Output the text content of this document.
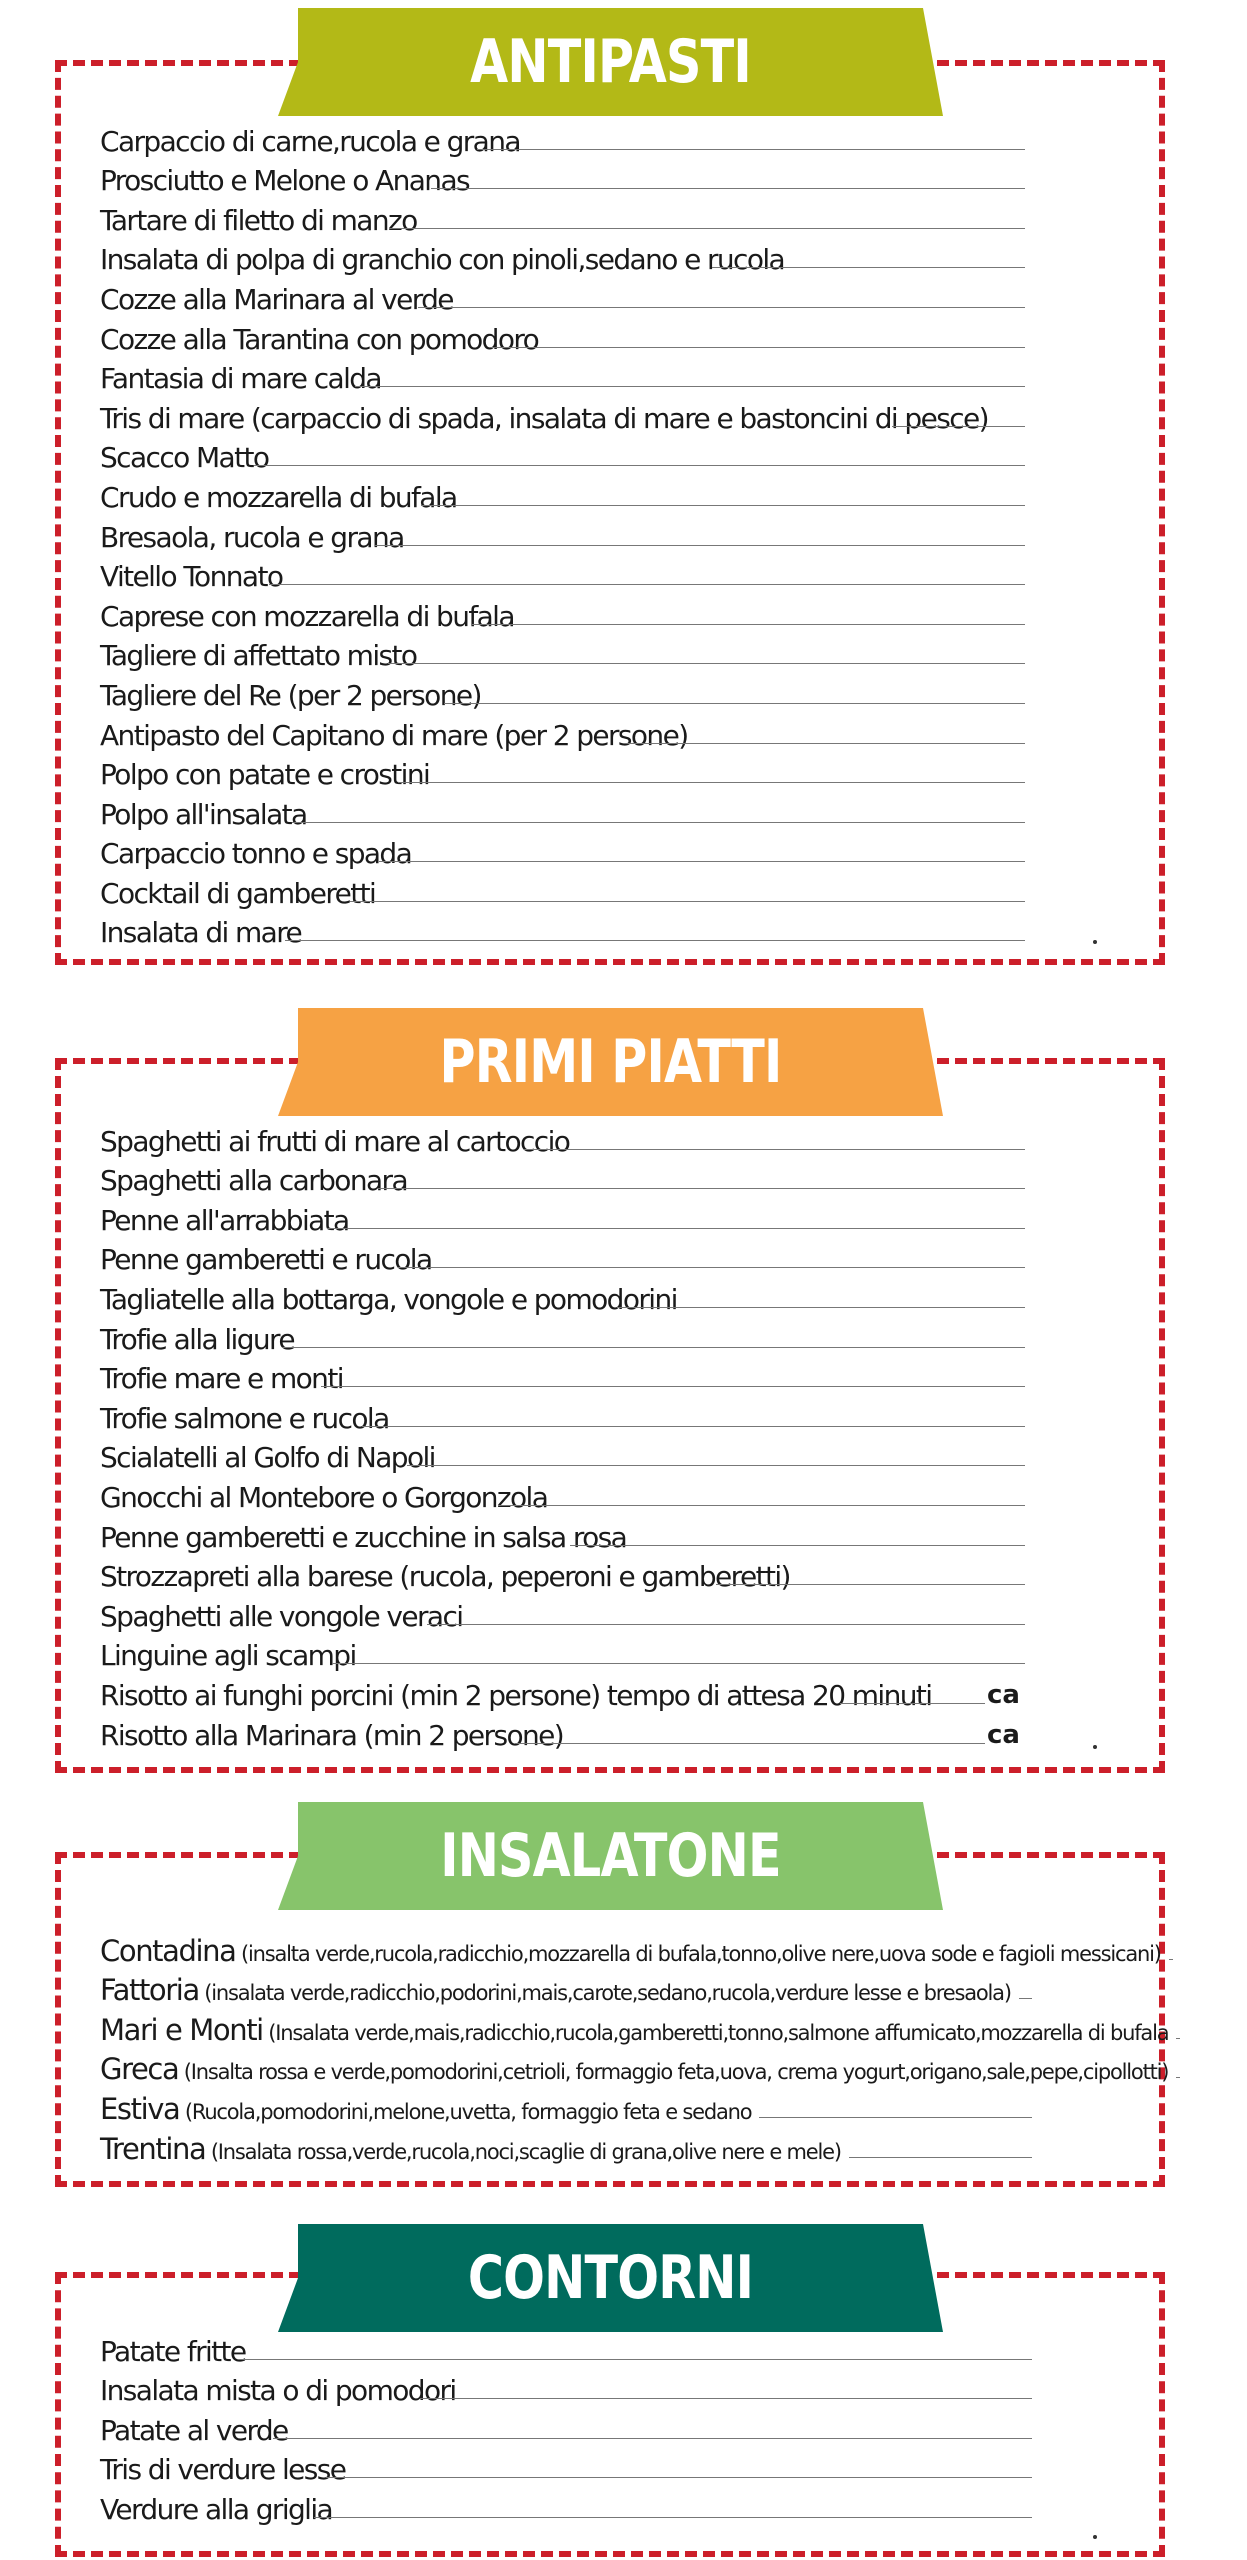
ANTIPASTI
Carpaccio di carne,rucola e grana
Prosciutto e Melone o Ananas
Tartare di filetto di manzo
Insalata di polpa di granchio con pinoli,sedano e rucola
Cozze alla Marinara al verde
Cozze alla Tarantina con pomodoro
Fantasia di mare calda
Tris di mare (carpaccio di spada, insalata di mare e bastoncini di pesce)
Scacco Matto
Crudo e mozzarella di bufala
Bresaola, rucola e grana
Vitello Tonnato
Caprese con mozzarella di bufala
Tagliere di affettato misto
Tagliere del Re (per 2 persone)
Antipasto del Capitano di mare (per 2 persone)
Polpo con patate e crostini
Polpo all'insalata
Carpaccio tonno e spada
Cocktail di gamberetti
Insalata di mare
PRIMI PIATTI
Spaghetti ai frutti di mare al cartoccio
Spaghetti alla carbonara
Penne all'arrabbiata
Penne gamberetti e rucola
Tagliatelle alla bottarga, vongole e pomodorini
Trofie alla ligure
Trofie mare e monti
Trofie salmone e rucola
Scialatelli al Golfo di Napoli
Gnocchi al Montebore o Gorgonzola
Penne gamberetti e zucchine in salsa rosa
Strozzapreti alla barese (rucola, peperoni e gamberetti)
Spaghetti alle vongole veraci
Linguine agli scampi
Risotto ai funghi porcini (min 2 persone) tempo di attesa 20 minuti ca
Risotto alla Marinara (min 2 persone)	ca
INSALATONE
Contadina (insalta verde,rucola,radicchio,mozzarella di bufala,tonno,olive nere,uova sode e fagioli messicani)
Fattoria (insalata verde,radicchio,podorini,mais,carote,sedano,rucola,verdure lesse e bresaola)
Mari e Monti (Insalata verde,mais,radicchio,rucola,gamberetti,tonno,salmone affumicato,mozzarella di bufala
Greca (Insalta rossa e verde,pomodorini,cetrioli, formaggio feta,uova, crema yogurt,origano,sale,pepe,cipollotti)
Estiva (Rucola,pomodorini,melone,uvetta, formaggio feta e sedano
Trentina (Insalata rossa,verde,rucola,noci,scaglie di grana,olive nere e mele)
CONTORNI
Patate fritte
Insalata mista o di pomodori
Patate al verde
Tris di verdure lesse
Verdure alla griglia
